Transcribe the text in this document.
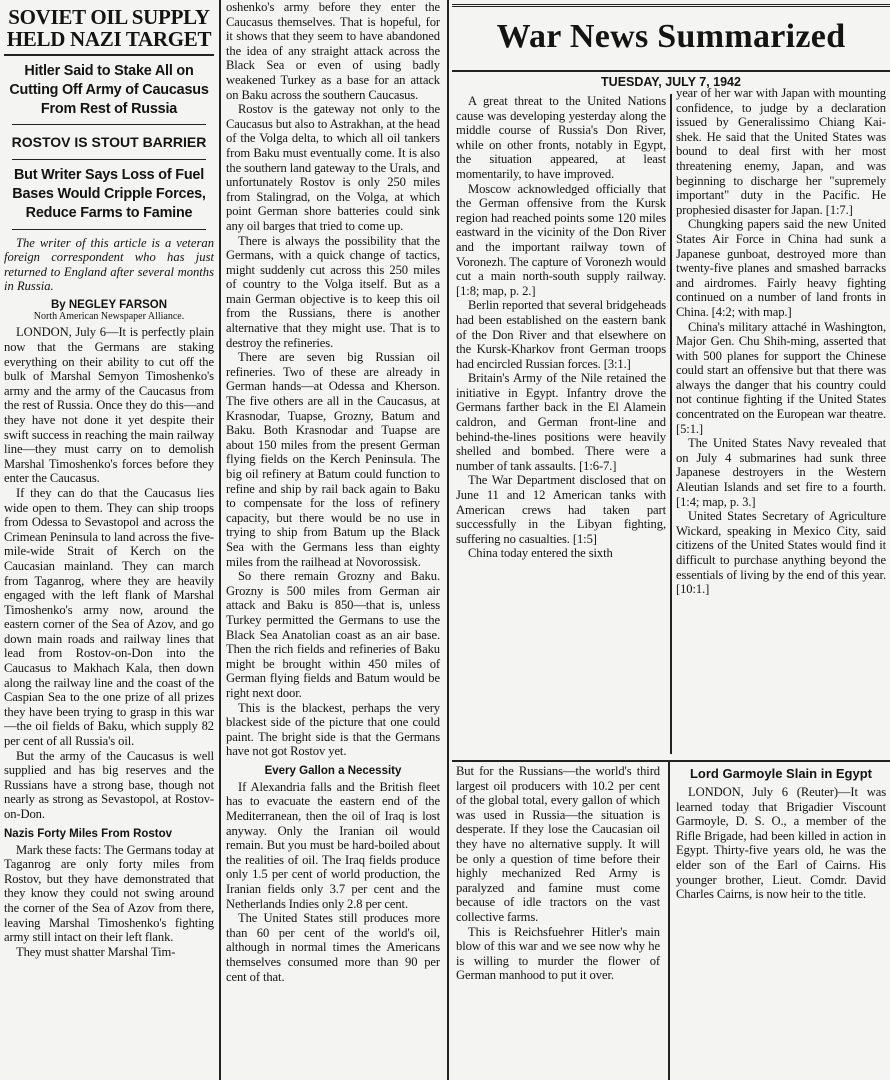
SOVIET OIL SUPPLY HELD NAZI TARGET
Hitler Said to Stake All on Cutting Off Army of Caucasus From Rest of Russia
ROSTOV IS STOUT BARRIER
But Writer Says Loss of Fuel Bases Would Cripple Forces, Reduce Farms to Famine

The writer of this article is a veteran foreign correspondent who has just returned to England after several months in Russia.

By NEGLEY FARSON
North American Newspaper Alliance.

LONDON, July 6—It is perfectly plain now that the Germans are staking everything on their ability to cut off the bulk of Marshal Semyon Timoshenko's army and the army of the Caucasus from the rest of Russia. Once they do this—and they have not done it yet despite their swift success in reaching the main railway line—they must carry on to demolish Marshal Timoshenko's forces before they enter the Caucasus.

If they can do that the Caucasus lies wide open to them. They can ship troops from Odessa to Sevastopol and across the Crimean Peninsula to land across the five-mile-wide Strait of Kerch on the Caucasian mainland. They can march from Taganrog, where they are heavily engaged with the left flank of Marshal Timoshenko's army now, around the eastern corner of the Sea of Azov, and go down main roads and railway lines that lead from Rostov-on-Don into the Caucasus to Makhach Kala, then down along the railway line and the coast of the Caspian Sea to the one prize of all prizes they have been trying to grasp in this war—the oil fields of Baku, which supply 82 per cent of all Russia's oil.

But the army of the Caucasus is well supplied and has big reserves and the Russians have a strong base, though not nearly as strong as Sevastopol, at Rostov-on-Don.

Nazis Forty Miles From Rostov

Mark these facts: The Germans today at Taganrog are only forty miles from Rostov, but they have demonstrated that they know they could not swing around the corner of the Sea of Azov from there, leaving Marshal Timoshenko's fighting army still intact on their left flank.

They must shatter Marshal Tim-

oshenko's army before they enter the Caucasus themselves. That is hopeful, for it shows that they seem to have abandoned the idea of any straight attack across the Black Sea or even of using badly weakened Turkey as a base for an attack on Baku across the southern Caucasus.

Rostov is the gateway not only to the Caucasus but also to Astrakhan, at the head of the Volga delta, to which all oil tankers from Baku must eventually come. It is also the southern land gateway to the Urals, and unfortunately Rostov is only 250 miles from Stalingrad, on the Volga, at which point German shore batteries could sink any oil barges that tried to come up.

There is always the possibility that the Germans, with a quick change of tactics, might suddenly cut across this 250 miles of country to the Volga itself. But as a main German objective is to keep this oil from the Russians, there is another alternative that they might use. That is to destroy the refineries.

There are seven big Russian oil refineries. Two of these are already in German hands—at Odessa and Kherson. The five others are all in the Caucasus, at Krasnodar, Tuapse, Grozny, Batum and Baku. Both Krasnodar and Tuapse are about 150 miles from the present German flying fields on the Kerch Peninsula. The big oil refinery at Batum could function to refine and ship by rail back again to Baku to compensate for the loss of refinery capacity, but there would be no use in trying to ship from Batum up the Black Sea with the Germans less than eighty miles from the railhead at Novorossisk.

So there remain Grozny and Baku. Grozny is 500 miles from German air attack and Baku is 850—that is, unless Turkey permitted the Germans to use the Black Sea Anatolian coast as an air base. Then the rich fields and refineries of Baku might be brought within 450 miles of German flying fields and Batum would be right next door.

This is the blackest, perhaps the very blackest side of the picture that one could paint. The bright side is that the Germans have not got Rostov yet.

Every Gallon a Necessity

If Alexandria falls and the British fleet has to evacuate the eastern end of the Mediterranean, then the oil of Iraq is lost anyway. Only the Iranian oil would remain. But you must be hard-boiled about the realities of oil. The Iraq fields produce only 1.5 per cent of world production, the Iranian fields only 3.7 per cent and the Netherlands Indies only 2.8 per cent.

The United States still produces more than 60 per cent of the world's oil, although in normal times the Americans themselves consumed more than 90 per cent of that.

War News Summarized
TUESDAY, JULY 7, 1942

A great threat to the United Nations cause was developing yesterday along the middle course of Russia's Don River, while on other fronts, notably in Egypt, the situation appeared, at least momentarily, to have improved.

Moscow acknowledged officially that the German offensive from the Kursk region had reached points some 120 miles eastward in the vicinity of the Don River and the important railway town of Voronezh. The capture of Voronezh would cut a main north-south supply railway. [1:8; map, p. 2.]

Berlin reported that several bridgeheads had been established on the eastern bank of the Don River and that elsewhere on the Kursk-Kharkov front German troops had encircled Russian forces. [3:1.]

Britain's Army of the Nile retained the initiative in Egypt. Infantry drove the Germans farther back in the El Alamein caldron, and German front-line and behind-the-lines positions were heavily shelled and bombed. There were a number of tank assaults. [1:6-7.]

The War Department disclosed that on June 11 and 12 American tanks with American crews had taken part successfully in the Libyan fighting, suffering no casualties. [1:5]

China today entered the sixth

year of her war with Japan with mounting confidence, to judge by a declaration issued by Generalissimo Chiang Kai-shek. He said that the United States was bound to deal first with her most threatening enemy, Japan, and was beginning to discharge her "supremely important" duty in the Pacific. He prophesied disaster for Japan. [1:7.]

Chungking papers said the new United States Air Force in China had sunk a Japanese gunboat, destroyed more than twenty-five planes and smashed barracks and airdromes. Fairly heavy fighting continued on a number of land fronts in China. [4:2; with map.]

China's military attaché in Washington, Major Gen. Chu Shih-ming, asserted that with 500 planes for support the Chinese could start an offensive but that there was always the danger that his country could not continue fighting if the United States concentrated on the European war theatre. [5:1.]

The United States Navy revealed that on July 4 submarines had sunk three Japanese destroyers in the Western Aleutian Islands and set fire to a fourth. [1:4; map, p. 3.]

United States Secretary of Agriculture Wickard, speaking in Mexico City, said citizens of the United States would find it difficult to purchase anything beyond the essentials of living by the end of this year. [10:1.]

But for the Russians—the world's third largest oil producers with 10.2 per cent of the global total, every gallon of which was used in Russia—the situation is desperate. If they lose the Caucasian oil they have no alternative supply. It will be only a question of time before their highly mechanized Red Army is paralyzed and famine must come because of idle tractors on the vast collective farms.

This is Reichsfuehrer Hitler's main blow of this war and we see now why he is willing to murder the flower of German manhood to put it over.

Lord Garmoyle Slain in Egypt

LONDON, July 6 (Reuter)—It was learned today that Brigadier Viscount Garmoyle, D. S. O., a member of the Rifle Brigade, had been killed in action in Egypt. Thirty-five years old, he was the elder son of the Earl of Cairns. His younger brother, Lieut. Comdr. David Charles Cairns, is now heir to the title.
